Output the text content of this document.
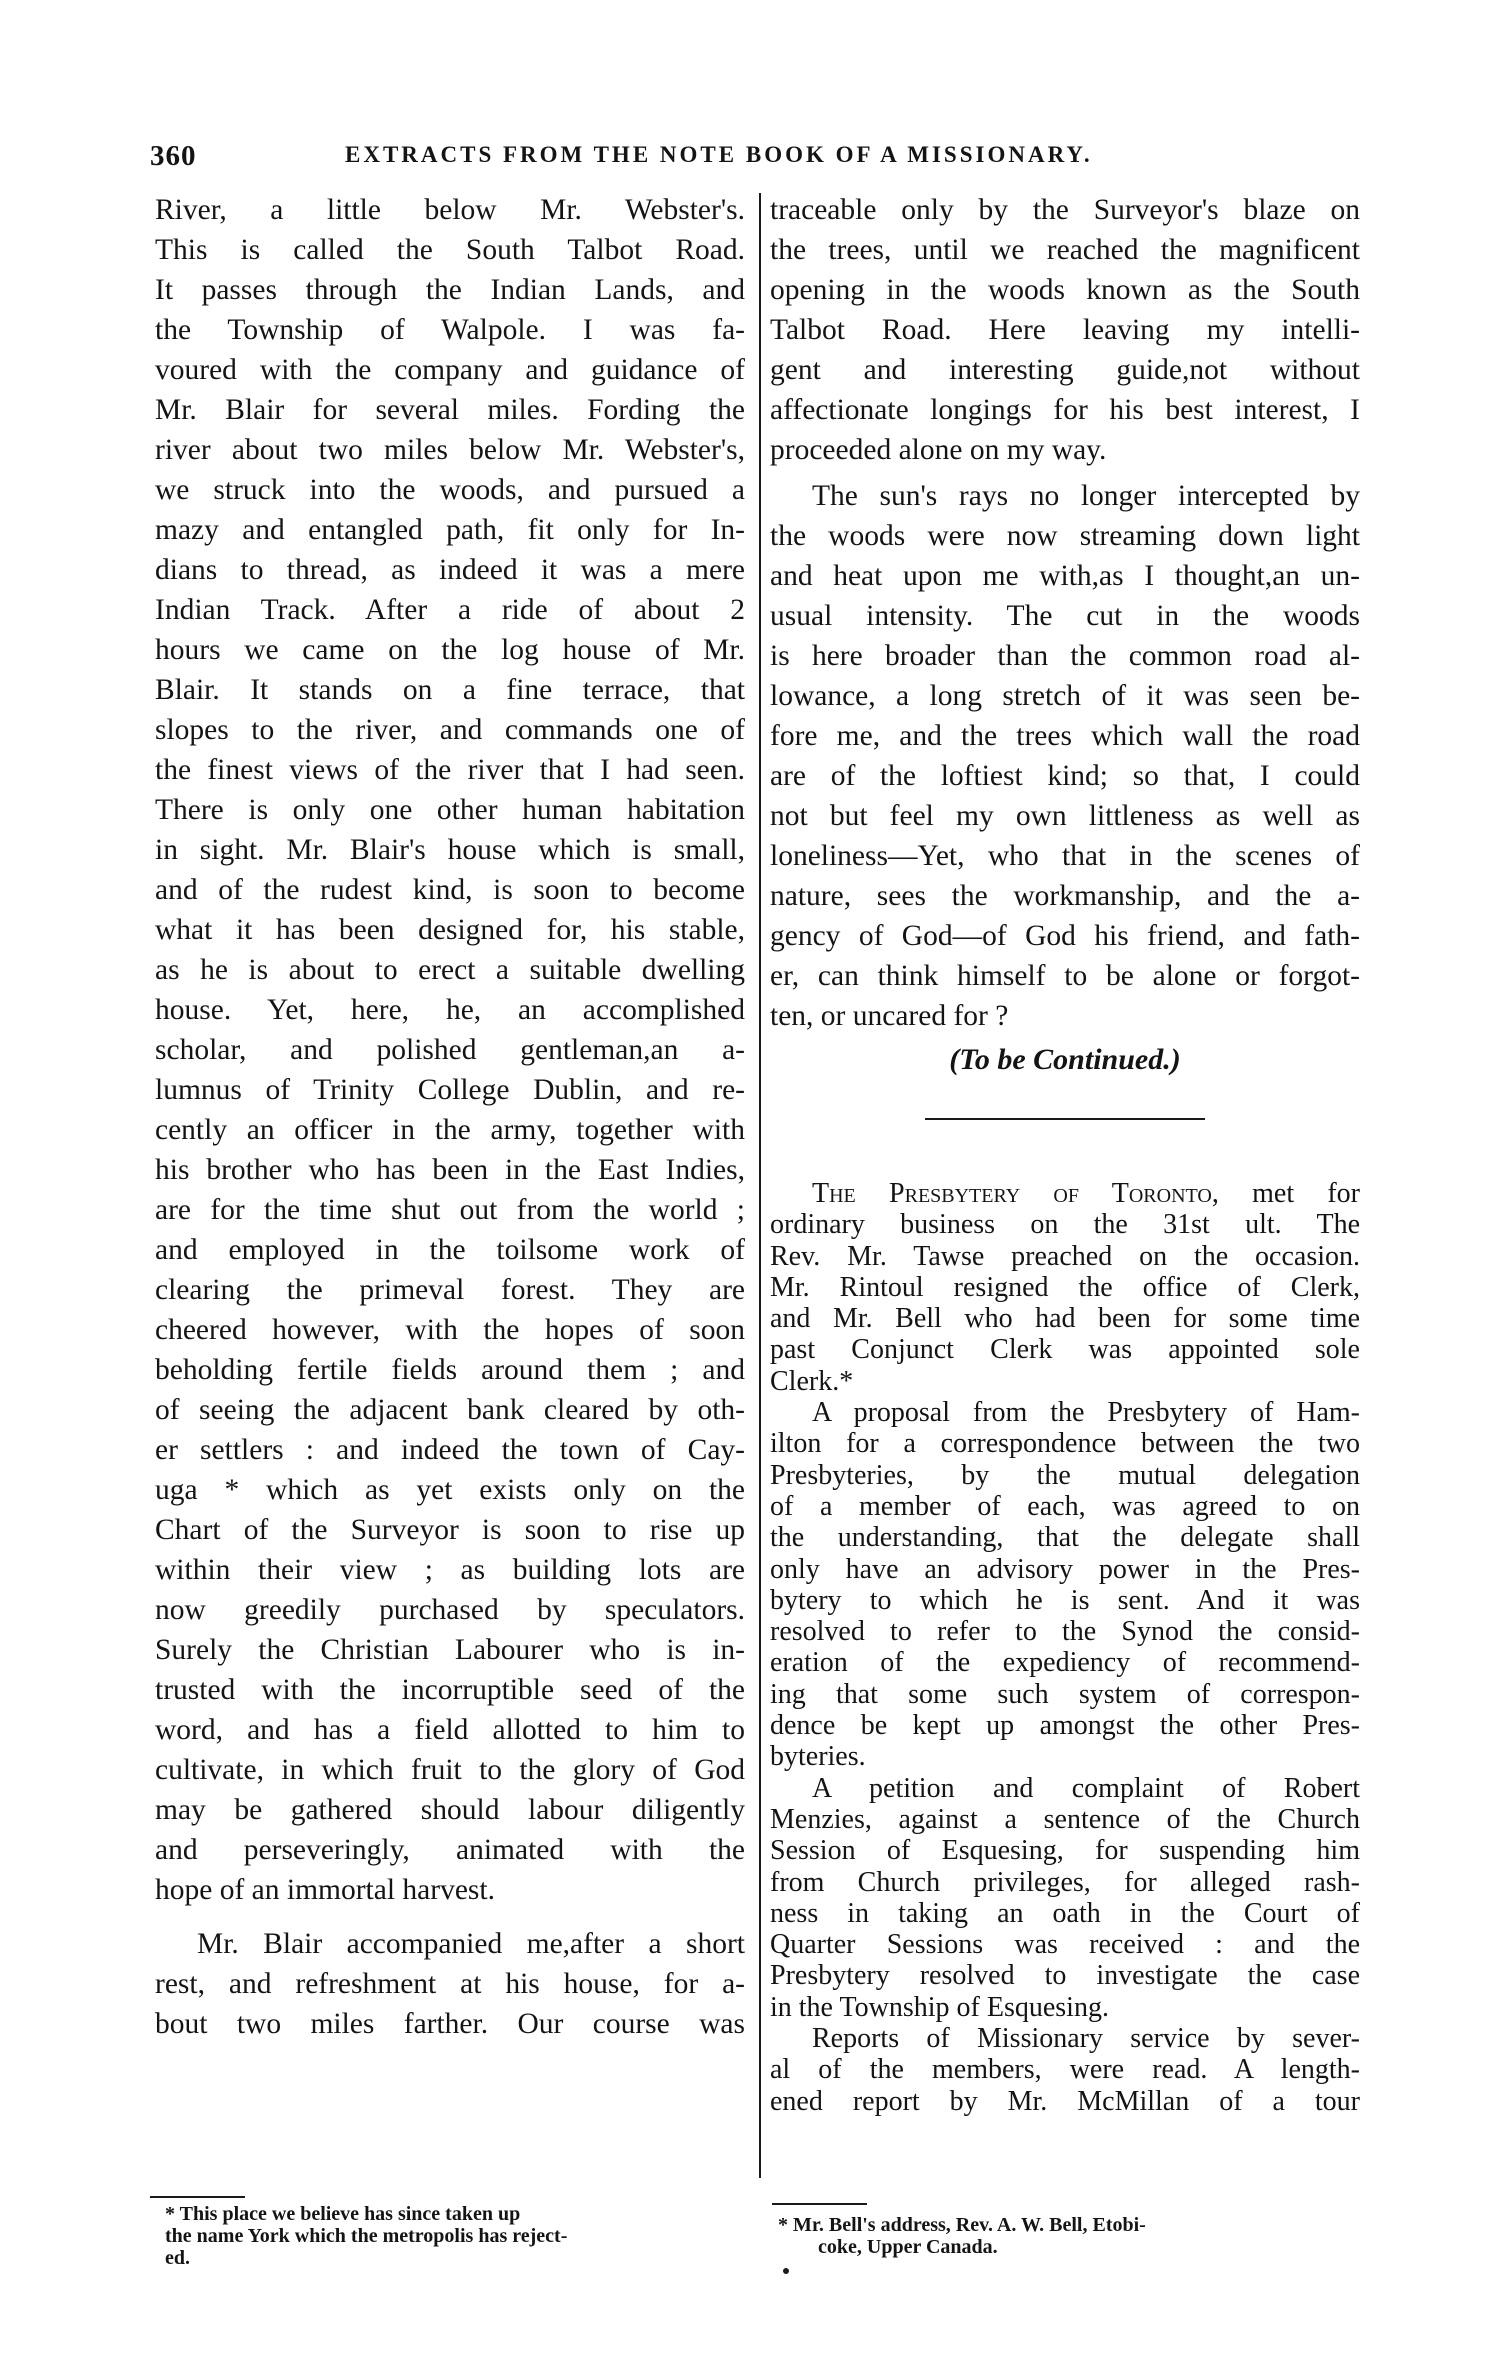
360	EXTRACTS FROM THE NOTE BOOK OF A MISSIONARY.
River, a little below Mr. Webster's.
This is called the South Talbot Road.
It passes through the Indian Lands, and
the Township of Walpole. I was fa-
voured with the company and guidance of
Mr. Blair for several miles. Fording the
river about two miles below Mr. Webster's,
we struck into the woods, and pursued a
mazy and entangled path, fit only for In-
dians to thread, as indeed it was a mere
Indian Track. After a ride of about 2
hours we came on the log house of Mr.
Blair. It stands on a fine terrace, that
slopes to the river, and commands one of
the finest views of the river that I had seen.
There is only one other human habitation
in sight. Mr. Blair's house which is small,
and of the rudest kind, is soon to become
what it has been designed for, his stable,
as he is about to erect a suitable dwelling
house. Yet, here, he, an accomplished
scholar, and polished gentleman,an a-
lumnus of Trinity College Dublin, and re-
cently an officer in the army, together with
his brother who has been in the East Indies,
are for the time shut out from the world ;
and employed in the toilsome work of
clearing the primeval forest. They are
cheered however, with the hopes of soon
beholding fertile fields around them ; and
of seeing the adjacent bank cleared by oth-
er settlers : and indeed the town of Cay-
uga * which as yet exists only on the
Chart of the Surveyor is soon to rise up
within their view ; as building lots are
now greedily purchased by speculators.
Surely the Christian Labourer who is in-
trusted with the incorruptible seed of the
word, and has a field allotted to him to
cultivate, in which fruit to the glory of God
may be gathered should labour diligently
and perseveringly, animated with the
hope of an immortal harvest.
Mr. Blair accompanied me,after a short
rest, and refreshment at his house, for a-
bout two miles farther. Our course was
* This place we believe has since taken up
the name York which the metropolis has reject-
ed.
traceable only by the Surveyor's blaze on
the trees, until we reached the magnificent
opening in the woods known as the South
Talbot Road. Here leaving my intelli-
gent and interesting guide,not without
affectionate longings for his best interest, I
proceeded alone on my way.
The sun's rays no longer intercepted by
the woods were now streaming down light
and heat upon me with,as I thought,an un-
usual intensity. The cut in the woods
is here broader than the common road al-
lowance, a long stretch of it was seen be-
fore me, and the trees which wall the road
are of the loftiest kind; so that, I could
not but feel my own littleness as well as
loneliness—Yet, who that in the scenes of
nature, sees the workmanship, and the a-
gency of God—of God his friend, and fath-
er, can think himself to be alone or forgot-
ten, or uncared for ?
(To be Continued.)
The Presbytery of Toronto, met for
ordinary business on the 31st ult. The
Rev. Mr. Tawse preached on the occasion.
Mr. Rintoul resigned the office of Clerk,
and Mr. Bell who had been for some time
past Conjunct Clerk was appointed sole
Clerk.*
A proposal from the Presbytery of Ham-
ilton for a correspondence between the two
Presbyteries, by the mutual delegation
of a member of each, was agreed to on
the understanding, that the delegate shall
only have an advisory power in the Pres-
bytery to which he is sent. And it was
resolved to refer to the Synod the consid-
eration of the expediency of recommend-
ing that some such system of correspon-
dence be kept up amongst the other Pres-
byteries.
A petition and complaint of Robert
Menzies, against a sentence of the Church
Session of Esquesing, for suspending him
from Church privileges, for alleged rash-
ness in taking an oath in the Court of
Quarter Sessions was received : and the
Presbytery resolved to investigate the case
in the Township of Esquesing.
Reports of Missionary service by sever-
al of the members, were read. A length-
ened report by Mr. McMillan of a tour
* Mr. Bell's address, Rev. A. W. Bell, Etobi-
coke, Upper Canada.
